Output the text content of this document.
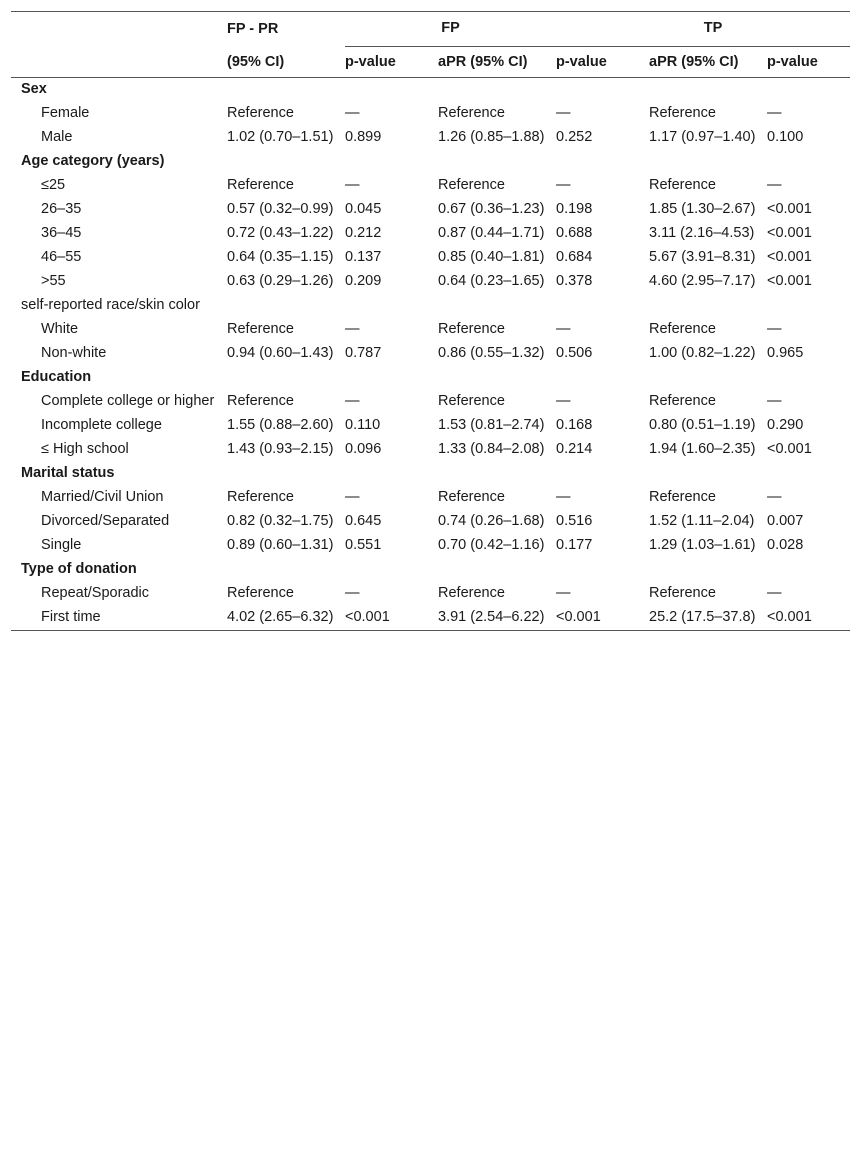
FP - PR	FP	TP
(95% CI)	p-value	aPR (95% CI)	p-value	aPR (95% CI)	p-value
Sex
Female	Reference	—	Reference	—	Reference	—
Male	1.02 (0.70–1.51) 0.899	1.26 (0.85–1.88) 0.252	1.17 (0.97–1.40) 0.100
Age category (years)
≤25	Reference	—	Reference	—	Reference	—
26–35	0.57 (0.32–0.99) 0.045	0.67 (0.36–1.23) 0.198	1.85 (1.30–2.67) <0.001
36–45	0.72 (0.43–1.22) 0.212	0.87 (0.44–1.71) 0.688	3.11 (2.16–4.53) <0.001
46–55	0.64 (0.35–1.15) 0.137	0.85 (0.40–1.81) 0.684	5.67 (3.91–8.31) <0.001
>55	0.63 (0.29–1.26) 0.209	0.64 (0.23–1.65) 0.378	4.60 (2.95–7.17) <0.001
self-reported race/skin color
White	Reference	—	Reference	—	Reference	—
Non-white	0.94 (0.60–1.43) 0.787	0.86 (0.55–1.32) 0.506	1.00 (0.82–1.22) 0.965
Education
Complete college or higher Reference	—	Reference	—	Reference	—
Incomplete college	1.55 (0.88–2.60) 0.110	1.53 (0.81–2.74) 0.168	0.80 (0.51–1.19) 0.290
≤ High school	1.43 (0.93–2.15) 0.096	1.33 (0.84–2.08) 0.214	1.94 (1.60–2.35) <0.001
Marital status
Married/Civil Union	Reference	—	Reference	—	Reference	—
Divorced/Separated	0.82 (0.32–1.75) 0.645	0.74 (0.26–1.68) 0.516	1.52 (1.11–2.04) 0.007
Single	0.89 (0.60–1.31) 0.551	0.70 (0.42–1.16) 0.177	1.29 (1.03–1.61) 0.028
Type of donation
Repeat/Sporadic	Reference	—	Reference	—	Reference	—
First time	4.02 (2.65–6.32) <0.001	3.91 (2.54–6.22) <0.001	25.2 (17.5–37.8) <0.001
